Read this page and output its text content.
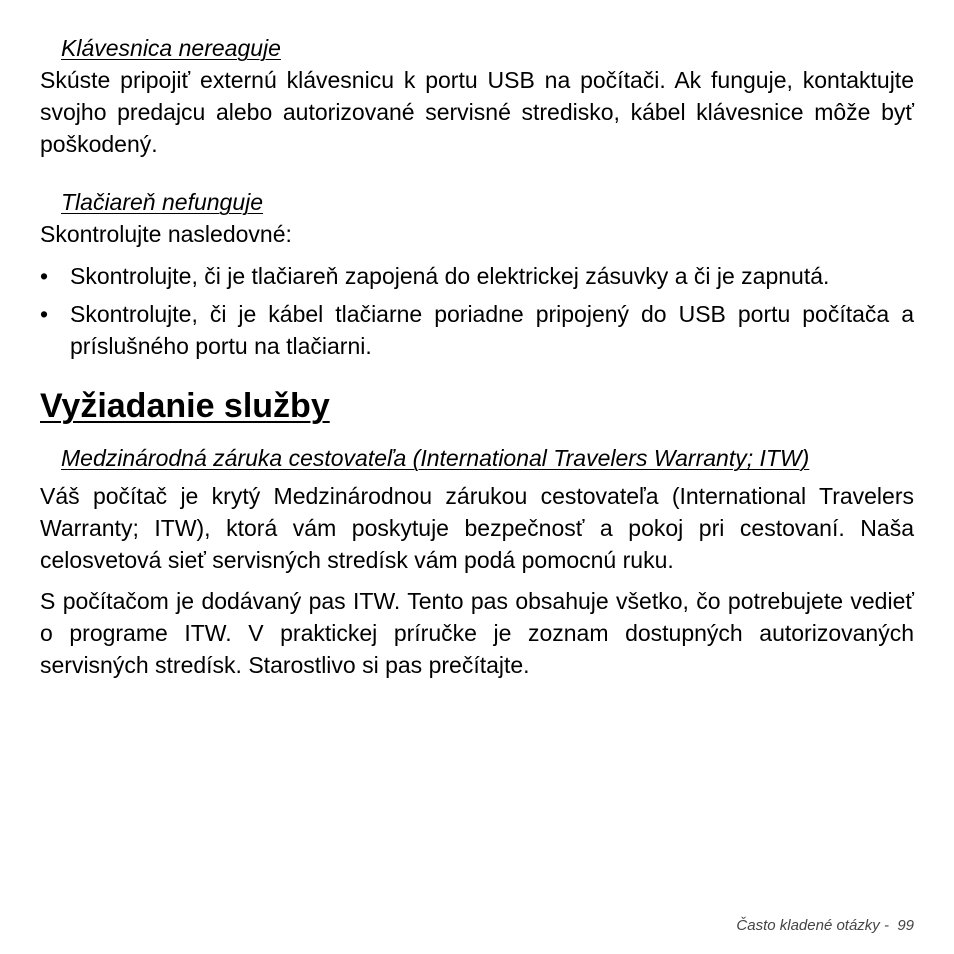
Klávesnica nereaguje

Skúste pripojiť externú klávesnicu k portu USB na počítači. Ak funguje, kontaktujte svojho predajcu alebo autorizované servisné stredisko, kábel klávesnice môže byť poškodený.

Tlačiareň nefunguje

Skontrolujte nasledovné:

• Skontrolujte, či je tlačiareň zapojená do elektrickej zásuvky a či je zapnutá.
• Skontrolujte, či je kábel tlačiarne poriadne pripojený do USB portu počítača a príslušného portu na tlačiarni.
Vyžiadanie služby
Medzinárodná záruka cestovateľa (International Travelers Warranty; ITW)

Váš počítač je krytý Medzinárodnou zárukou cestovateľa (International Travelers Warranty; ITW), ktorá vám poskytuje bezpečnosť a pokoj pri cestovaní. Naša celosvetová sieť servisných stredísk vám podá pomocnú ruku.

S počítačom je dodávaný pas ITW. Tento pas obsahuje všetko, čo potrebujete vedieť o programe ITW. V praktickej príručke je zoznam dostupných autorizovaných servisných stredísk. Starostlivo si pas prečítajte.

Často kladené otázky -  99
